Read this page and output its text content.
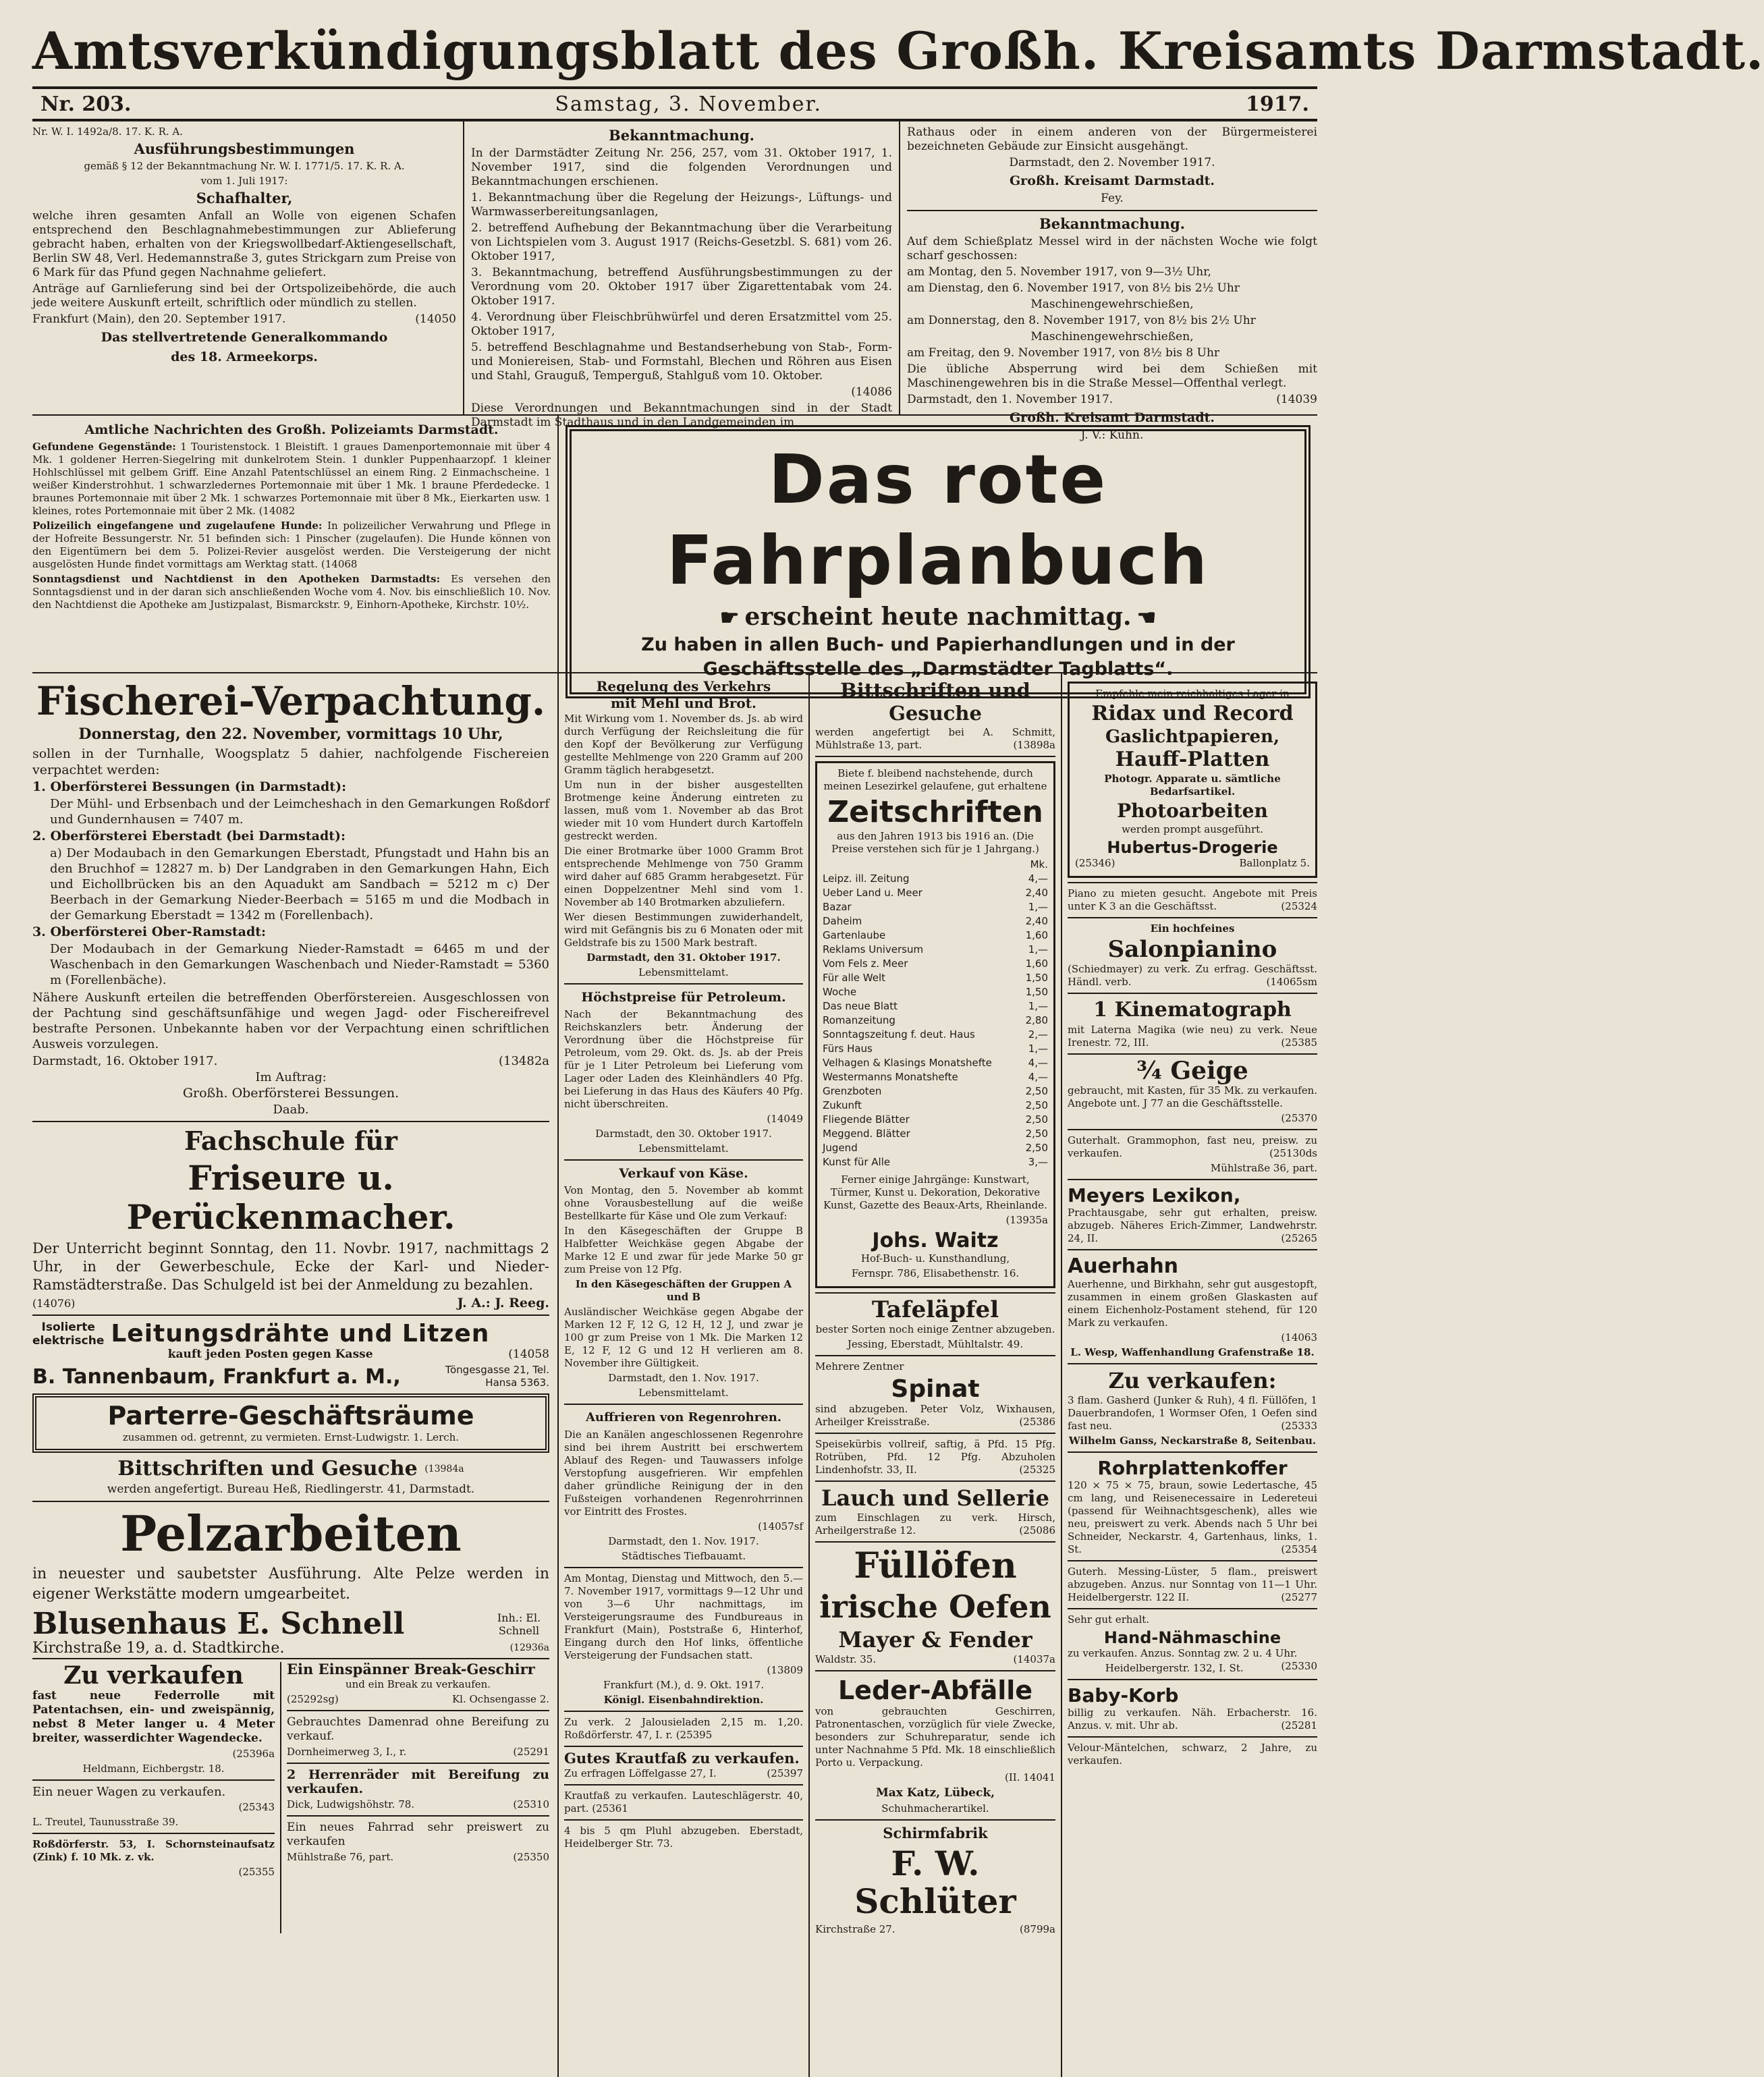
Amtsverkündigungsblatt des Großh. Kreisamts Darmstadt.
Nr. 203.	Samstag, 3. November.	1917.

Nr. W. I. 1492a/8. 17. K. R. A.

Ausführungsbestimmungen

gemäß § 12 der Bekanntmachung Nr. W. I. 1771/5. 17. K. R. A.

vom 1. Juli 1917:

Schafhalter,

welche ihren gesamten Anfall an Wolle von eigenen Schafen entsprechend den Beschlagnahmebestimmungen zur Ablieferung gebracht haben, erhalten von der Kriegswollbedarf-Aktiengesellschaft, Berlin SW 48, Verl. Hedemannstraße 3, gutes Strickgarn zum Preise von 6 Mark für das Pfund gegen Nachnahme geliefert.

Anträge auf Garnlieferung sind bei der Ortspolizeibehörde, die auch jede weitere Auskunft erteilt, schriftlich oder mündlich zu stellen.

Frankfurt (Main), den 20. September 1917.	(14050

Das stellvertretende Generalkommando
des 18. Armeekorps.
Bekanntmachung.

In der Darmstädter Zeitung Nr. 256, 257, vom 31. Oktober 1917, 1. November 1917, sind die folgenden Verordnungen und Bekanntmachungen erschienen.

1. Bekanntmachung über die Regelung der Heizungs-, Lüftungs- und Warmwasserbereitungsanlagen,

2. betreffend Aufhebung der Bekanntmachung über die Verarbeitung von Lichtspielen vom 3. August 1917 (Reichs-Gesetzbl. S. 681) vom 26. Oktober 1917,

3. Bekanntmachung, betreffend Ausführungsbestimmungen zu der Verordnung vom 20. Oktober 1917 über Zigarettentabak vom 24. Oktober 1917.

4. Verordnung über Fleischbrühwürfel und deren Ersatzmittel vom 25. Oktober 1917,

5. betreffend Beschlagnahme und Bestandserhebung von Stab-, Form- und Moniereisen, Stab- und Formstahl, Blechen und Röhren aus Eisen und Stahl, Grauguß, Temperguß, Stahlguß vom 10. Oktober.

(14086

Diese Verordnungen und Bekanntmachungen sind in der Stadt Darmstadt im Stadthaus und in den Landgemeinden im

Rathaus oder in einem anderen von der Bürgermeisterei bezeichneten Gebäude zur Einsicht ausgehängt.

Darmstadt, den 2. November 1917.

Großh. Kreisamt Darmstadt.

Fey.

Bekanntmachung.

Auf dem Schießplatz Messel wird in der nächsten Woche wie folgt scharf geschossen:

am Montag, den 5. November 1917, von 9—3½ Uhr,

am Dienstag, den 6. November 1917, von 8½ bis 2½ Uhr

Maschinengewehrschießen,

am Donnerstag, den 8. November 1917, von 8½ bis 2½ Uhr

Maschinengewehrschießen,

am Freitag, den 9. November 1917, von 8½ bis 8 Uhr

Die übliche Absperrung wird bei dem Schießen mit Maschinengewehren bis in die Straße Messel—Offenthal verlegt.

Darmstadt, den 1. November 1917.	(14039

Großh. Kreisamt Darmstadt.

J. V.: Kuhn.

Amtliche Nachrichten des Großh. Polizeiamts Darmstadt.

Gefundene Gegenstände: 1 Touristenstock. 1 Bleistift. 1 graues Damenportemonnaie mit über 4 Mk. 1 goldener Herren-Siegelring mit dunkelrotem Stein. 1 dunkler Puppenhaarzopf. 1 kleiner Hohlschlüssel mit gelbem Griff. Eine Anzahl Patentschlüssel an einem Ring. 2 Einmachscheine. 1 weißer Kinderstrohhut. 1 schwarzledernes Portemonnaie mit über 1 Mk. 1 braune Pferdedecke. 1 braunes Portemonnaie mit über 2 Mk. 1 schwarzes Portemonnaie mit über 8 Mk., Eierkarten usw. 1 kleines, rotes Portemonnaie mit über 2 Mk. (14082

Polizeilich eingefangene und zugelaufene Hunde: In polizeilicher Verwahrung und Pflege in der Hofreite Bessungerstr. Nr. 51 befinden sich: 1 Pinscher (zugelaufen). Die Hunde können von den Eigentümern bei dem 5. Polizei-Revier ausgelöst werden. Die Versteigerung der nicht ausgelösten Hunde findet vormittags am Werktag statt. (14068

Sonntagsdienst und Nachtdienst in den Apotheken Darmstadts: Es versehen den Sonntagsdienst und in der daran sich anschließenden Woche vom 4. Nov. bis einschließlich 10. Nov. den Nachtdienst die Apotheke am Justizpalast, Bismarckstr. 9, Einhorn-Apotheke, Kirchstr. 10½.

Das rote Fahrplanbuch
☛ erscheint heute nachmittag. ☚
Zu haben in allen Buch- und Papierhandlungen und in der
Geschäftsstelle des „Darmstädter Tagblatts“.
Fischerei-Verpachtung.

Donnerstag, den 22. November, vormittags 10 Uhr,

sollen in der Turnhalle, Woogsplatz 5 dahier, nachfolgende Fischereien verpachtet werden:

1. Oberförsterei Bessungen (in Darmstadt):

Der Mühl- und Erbsenbach und der Leimcheshach in den Gemarkungen Roßdorf und Gundernhausen = 7407 m.

2. Oberförsterei Eberstadt (bei Darmstadt):

a) Der Modaubach in den Gemarkungen Eberstadt, Pfungstadt und Hahn bis an den Bruchhof = 12827 m. b) Der Landgraben in den Gemarkungen Hahn, Eich und Eichollbrücken bis an den Aquadukt am Sandbach = 5212 m c) Der Beerbach in der Gemarkung Nieder-Beerbach = 5165 m und die Modbach in der Gemarkung Eberstadt = 1342 m (Forellenbach).

3. Oberförsterei Ober-Ramstadt:

Der Modaubach in der Gemarkung Nieder-Ramstadt = 6465 m und der Waschenbach in den Gemarkungen Waschenbach und Nieder-Ramstadt = 5360 m (Forellenbäche).

Nähere Auskunft erteilen die betreffenden Oberförstereien. Ausgeschlossen von der Pachtung sind geschäftsunfähige und wegen Jagd- oder Fischereifrevel bestrafte Personen. Unbekannte haben vor der Verpachtung einen schriftlichen Ausweis vorzulegen.

Darmstadt, 16. Oktober 1917.	(13482a

Im Auftrag:

Großh. Oberförsterei Bessungen.

Daab.

Fachschule für
Friseure u. Perückenmacher.

Der Unterricht beginnt Sonntag, den 11. Novbr. 1917, nachmittags 2 Uhr, in der Gewerbeschule, Ecke der Karl- und Nieder-Ramstädterstraße. Das Schulgeld ist bei der Anmeldung zu bezahlen.

(14076)	J. A.: J. Reeg.

Isolierte
elektrische Leitungsdrähte und Litzen

kauft jeden Posten gegen Kasse	(14058

B. Tannenbaum, Frankfurt a. M.,	Töngesgasse 21, Tel. Hansa 5363.
Parterre-Geschäftsräume
zusammen od. getrennt, zu vermieten. Ernst-Ludwigstr. 1. Lerch.
Bittschriften und Gesuche $^{(13984a}$

werden angefertigt. Bureau Heß, Riedlingerstr. 41, Darmstadt.

Pelzarbeiten

in neuester und saubetster Ausführung. Alte Pelze werden in eigener Werkstätte modern umgearbeitet.

Blusenhaus E. Schnell	Inh.: El. Schnell

Kirchstraße 19, a. d. Stadtkirche.	(12936a

Zu verkaufen

fast neue Federrolle mit Patentachsen, ein- und zweispännig, nebst 8 Meter langer u. 4 Meter breiter, wasserdichter Wagendecke.

(25396a

Heldmann, Eichbergstr. 18.

Ein neuer Wagen zu verkaufen.

(25343

L. Treutel, Taunusstraße 39.

Roßdörferstr. 53, I. Schornsteinaufsatz (Zink) f. 10 Mk. z. vk.

(25355

Ein Einspänner Break-Geschirr

und ein Break zu verkaufen.

(25292sg)	Kl. Ochsengasse 2.

Gebrauchtes Damenrad ohne Bereifung zu verkauf.

Dornheimerweg 3, I., r.	(25291

2 Herrenräder mit Bereifung zu verkaufen.

Dick, Ludwigshöhstr. 78.	(25310

Ein neues Fahrrad sehr preiswert zu verkaufen

Mühlstraße 76, part.	(25350

Regelung des Verkehrs
mit Mehl und Brot.

Mit Wirkung vom 1. November ds. Js. ab wird durch Verfügung der Reichsleitung die für den Kopf der Bevölkerung zur Verfügung gestellte Mehlmenge von 220 Gramm auf 200 Gramm täglich herabgesetzt.

Um nun in der bisher ausgestellten Brotmenge keine Änderung eintreten zu lassen, muß vom 1. November ab das Brot wieder mit 10 vom Hundert durch Kartoffeln gestreckt werden.

Die einer Brotmarke über 1000 Gramm Brot entsprechende Mehlmenge von 750 Gramm wird daher auf 685 Gramm herabgesetzt. Für einen Doppelzentner Mehl sind vom 1. November ab 140 Brotmarken abzuliefern.

Wer diesen Bestimmungen zuwiderhandelt, wird mit Gefängnis bis zu 6 Monaten oder mit Geldstrafe bis zu 1500 Mark bestraft.

Darmstadt, den 31. Oktober 1917.

Lebensmittelamt.

Höchstpreise für Petroleum.

Nach der Bekanntmachung des Reichskanzlers betr. Änderung der Verordnung über die Höchstpreise für Petroleum, vom 29. Okt. ds. Js. ab der Preis für je 1 Liter Petroleum bei Lieferung vom Lager oder Laden des Kleinhändlers 40 Pfg. bei Lieferung in das Haus des Käufers 40 Pfg. nicht überschreiten.

(14049

Darmstadt, den 30. Oktober 1917.

Lebensmittelamt.

Verkauf von Käse.

Von Montag, den 5. November ab kommt ohne Vorausbestellung auf die weiße Bestellkarte für Käse und Ole zum Verkauf:

In den Käsegeschäften der Gruppe B Halbfetter Weichkäse gegen Abgabe der Marke 12 E und zwar für jede Marke 50 gr zum Preise von 12 Pfg.

In den Käsegeschäften der Gruppen A und B

Ausländischer Weichkäse gegen Abgabe der Marken 12 F, 12 G, 12 H, 12 J, und zwar je 100 gr zum Preise von 1 Mk. Die Marken 12 E, 12 F, 12 G und 12 H verlieren am 8. November ihre Gültigkeit.

Darmstadt, den 1. Nov. 1917.

Lebensmittelamt.

Auffrieren von Regenrohren.

Die an Kanälen angeschlossenen Regenrohre sind bei ihrem Austritt bei erschwertem Ablauf des Regen- und Tauwassers infolge Verstopfung ausgefrieren. Wir empfehlen daher gründliche Reinigung der in den Fußsteigen vorhandenen Regenrohrrinnen vor Eintritt des Frostes.

(14057sf

Darmstadt, den 1. Nov. 1917.

Städtisches Tiefbauamt.

Am Montag, Dienstag und Mittwoch, den 5.—7. November 1917, vormittags 9—12 Uhr und von 3—6 Uhr nachmittags, im Versteigerungsraume des Fundbureaus in Frankfurt (Main), Poststraße 6, Hinterhof, Eingang durch den Hof links, öffentliche Versteigerung der Fundsachen statt.

(13809

Frankfurt (M.), d. 9. Okt. 1917.

Königl. Eisenbahndirektion.

Zu verk. 2 Jalousieladen 2,15 m. 1,20. Roßdörferstr. 47, I. r. (25395

Gutes Krautfaß zu verkaufen.

Zu erfragen Löffelgasse 27, I.	(25397

Krautfaß zu verkaufen. Lauteschlägerstr. 40, part. (25361

4 bis 5 qm Pluhl abzugeben. Eberstadt, Heidelberger Str. 73.

Bittschriften und Gesuche

werden angefertigt bei A. Schmitt, Mühlstraße 13, part.	(13898a

Biete f. bleibend nachstehende, durch meinen Lesezirkel gelaufene, gut erhaltene

Zeitschriften

aus den Jahren 1913 bis 1916 an. (Die Preise verstehen sich für je 1 Jahrgang.)

Mk.
Leipz. ill. Zeitung	4,—
Ueber Land u. Meer	2,40
Bazar	1,—
Daheim	2,40
Gartenlaube	1,60
Reklams Universum	1,—
Vom Fels z. Meer	1,60
Für alle Welt	1,50
Woche	1,50
Das neue Blatt	1,—
Romanzeitung	2,80
Sonntagszeitung f. deut. Haus	2,—
Fürs Haus	1,—
Velhagen & Klasings Monatshefte	4,—
Westermanns Monatshefte	4,—
Grenzboten	2,50
Zukunft	2,50
Fliegende Blätter	2,50
Meggend. Blätter	2,50
Jugend	2,50
Kunst für Alle	3,—

Ferner einige Jahrgänge: Kunstwart, Türmer, Kunst u. Dekoration, Dekorative Kunst, Gazette des Beaux-Arts, Rheinlande.

(13935a

Johs. Waitz

Hof-Buch- u. Kunsthandlung,

Fernspr. 786, Elisabethenstr. 16.

Tafeläpfel

bester Sorten noch einige Zentner abzugeben.

Jessing, Eberstadt, Mühltalstr. 49.

Mehrere Zentner

Spinat

sind abzugeben. Peter Volz, Wixhausen, Arheilger Kreisstraße.	(25386

Speisekürbis vollreif, saftig, ä Pfd. 15 Pfg. Rotrüben, Pfd. 12 Pfg. Abzuholen Lindenhofstr. 33, II.	(25325

Lauch und Sellerie

zum Einschlagen zu verk. Hirsch, Arheilgerstraße 12.	(25086

Füllöfen
irische Oefen
Mayer & Fender

Waldstr. 35.	(14037a

Leder-Abfälle

von gebrauchten Geschirren, Patronentaschen, vorzüglich für viele Zwecke, besonders zur Schuhreparatur, sende ich unter Nachnahme 5 Pfd. Mk. 18 einschließlich Porto u. Verpackung.

(II. 14041

Max Katz, Lübeck,

Schuhmacherartikel.

Schirmfabrik
F. W. Schlüter

Kirchstraße 27.	(8799a

Empfehle mein reichhaltiges Lager in

Ridax und Record
Gaslichtpapieren,
Hauff-Platten

Photogr. Apparate u. sämtliche Bedarfsartikel.

Photoarbeiten

werden prompt ausgeführt.

Hubertus-Drogerie

(25346)	Ballonplatz 5.

Piano zu mieten gesucht. Angebote mit Preis unter K 3 an die Geschäftsst.	(25324

Ein hochfeines

Salonpianino

(Schiedmayer) zu verk. Zu erfrag. Geschäftsst. Händl. verb.	(14065sm

1 Kinematograph

mit Laterna Magika (wie neu) zu verk. Neue Irenestr. 72, III.	(25385

¾ Geige

gebraucht, mit Kasten, für 35 Mk. zu verkaufen. Angebote unt. J 77 an die Geschäftsstelle.

(25370

Guterhalt. Grammophon, fast neu, preisw. zu verkaufen.	(25130ds

Mühlstraße 36, part.

Meyers Lexikon,

Prachtausgabe, sehr gut erhalten, preisw. abzugeb. Näheres Erich-Zimmer, Landwehrstr. 24, II.	(25265

Auerhahn

Auerhenne, und Birkhahn, sehr gut ausgestopft, zusammen in einem großen Glaskasten auf einem Eichenholz-Postament stehend, für 120 Mark zu verkaufen.

(14063

L. Wesp, Waffenhandlung Grafenstraße 18.

Zu verkaufen:

3 flam. Gasherd (Junker & Ruh), 4 fl. Füllöfen, 1 Dauerbrandofen, 1 Wormser Ofen, 1 Oefen sind fast neu.	(25333

Wilhelm Ganss, Neckarstraße 8, Seitenbau.

Rohrplattenkoffer

120 × 75 × 75, braun, sowie Ledertasche, 45 cm lang, und Reisenecessaire in Ledereteui (passend für Weihnachtsgeschenk), alles wie neu, preiswert zu verk. Abends nach 5 Uhr bei Schneider, Neckarstr. 4, Gartenhaus, links, 1. St.	(25354

Guterh. Messing-Lüster, 5 flam., preiswert abzugeben. Anzus. nur Sonntag von 11—1 Uhr. Heidelbergerstr. 122 II.	(25277

Sehr gut erhalt.

Hand-Nähmaschine

zu verkaufen. Anzus. Sonntag zw. 2 u. 4 Uhr.
(25330

Heidelbergerstr. 132, I. St.

Baby-Korb

billig zu verkaufen. Näh. Erbacherstr. 16. Anzus. v. mit. Uhr ab.	(25281

Velour-Mäntelchen, schwarz, 2 Jahre, zu verkaufen.
